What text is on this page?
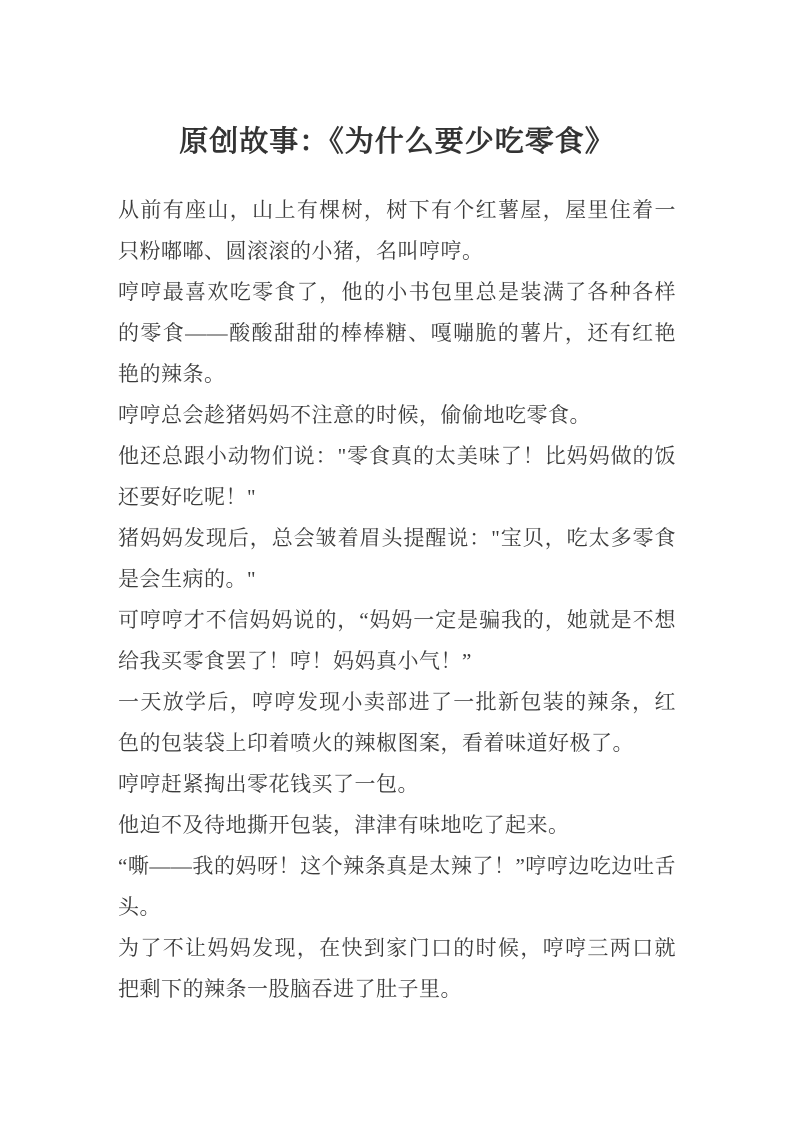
原创故事：《为什么要少吃零食》

从前有座山，山上有棵树，树下有个红薯屋，屋里住着一只粉嘟嘟、圆滚滚的小猪，名叫哼哼。

哼哼最喜欢吃零食了，他的小书包里总是装满了各种各样的零食——酸酸甜甜的棒棒糖、嘎嘣脆的薯片，还有红艳艳的辣条。

哼哼总会趁猪妈妈不注意的时候，偷偷地吃零食。

他还总跟小动物们说："零食真的太美味了！比妈妈做的饭还要好吃呢！"

猪妈妈发现后，总会皱着眉头提醒说："宝贝，吃太多零食是会生病的。"

可哼哼才不信妈妈说的，“妈妈一定是骗我的，她就是不想给我买零食罢了！哼！妈妈真小气！”

一天放学后，哼哼发现小卖部进了一批新包装的辣条，红色的包装袋上印着喷火的辣椒图案，看着味道好极了。

哼哼赶紧掏出零花钱买了一包。

他迫不及待地撕开包装，津津有味地吃了起来。

“嘶——我的妈呀！这个辣条真是太辣了！”哼哼边吃边吐舌头。

为了不让妈妈发现，在快到家门口的时候，哼哼三两口就把剩下的辣条一股脑吞进了肚子里。
